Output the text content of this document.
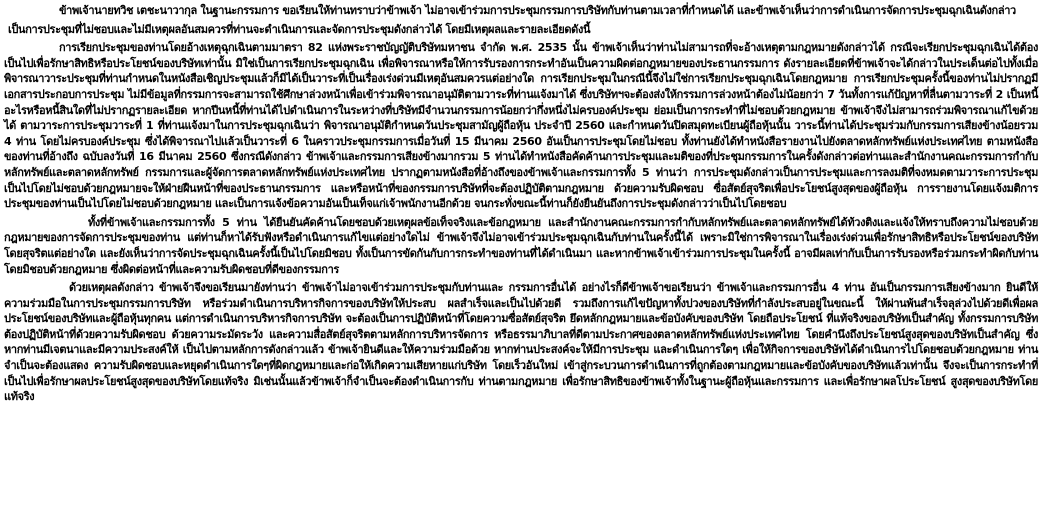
ข้าพเจ้านายทวิช เตชะนาวากุล ในฐานะกรรมการ ขอเรียนให้ท่านทราบว่าข้าพเจ้า ไม่อาจเข้าร่วมการประชุมกรรมการบริษัทกับท่านตามเวลาที่กำหนดได้ และข้าพเจ้าเห็นว่าการดำเนินการจัดการประชุมฉุกเฉินดังกล่าว

เป็นการประชุมที่ไม่ชอบและไม่มีเหตุผลอันสมควรที่ท่านจะดำเนินการและจัดการประชุมดังกล่าวได้ โดยมีเหตุผลและรายละเอียดดังนี้

การเรียกประชุมของท่านโดยอ้างเหตุฉุกเฉินตามมาตรา 82 แห่งพระราชบัญญัติบริษัทมหาชน จำกัด พ.ศ. 2535 นั้น ข้าพเจ้าเห็นว่าท่านไม่สามารถที่จะอ้างเหตุตามกฎหมายดังกล่าวได้ กรณีจะเรียกประชุมฉุกเฉินได้ต้องเป็นไปเพื่อรักษาสิทธิหรือประโยชน์ของบริษัทเท่านั้น มิใช่เป็นการเรียกประชุมฉุกเฉิน เพื่อพิจารณาหรือให้การรับรองการกระทำอันเป็นความผิดต่อกฎหมายของประธานกรรมการ ดังรายละเอียดที่ข้าพเจ้าจะได้กล่าวในประเด็นต่อไปทั้งเมื่อพิจารณาวาระประชุมที่ท่านกำหนดในหนังสือเชิญประชุมแล้วก็มิได้เป็นวาระที่เป็นเรื่องเร่งด่วนมีเหตุอันสมควรแต่อย่างใด การเรียกประชุมในกรณีนี้จึงไม่ใช่การเรียกประชุมฉุกเฉินโดยกฎหมาย การเรียกประชุมครั้งนี้ของท่านไม่ปรากฏมีเอกสารประกอบการประชุม ไม่มีข้อมูลที่กรรมการจะสามารถใช้ศึกษาล่วงหน้าเพื่อเข้าร่วมพิจารณาอนุมัติตามวาระที่ท่านแจ้งมาได้ ซึ่งบริษัทฯจะต้องส่งให้กรรมการล่วงหน้าต้องไม่น้อยกว่า 7 วันทั้งการแก้ปัญหาที่ลื่นตามวาระที่ 2 เป็นหนี้อะไรหรือหนี้สินใดที่ไม่ปรากฏรายละเอียด หากปีนหนี้ที่ท่านได้ไปดำเนินการในระหว่างที่บริษัทมีจำนวนกรรมการน้อยกว่ากึ่งหนึ่งไม่ครบองค์ประชุม ย่อมเป็นการกระทำที่ไม่ชอบด้วยกฎหมาย ข้าพเจ้าจึงไม่สามารถร่วมพิจารณาแก้ไขด้วยได้ ตามวาระการประชุมวาระที่ 1 ที่ท่านแจ้งมาในการประชุมฉุกเฉินว่า พิจารณาอนุมัติกำหนดวันประชุมสามัญผู้ถือหุ้น ประจำปี 2560 และกำหนดวันปิดสมุดทะเบียนผู้ถือหุ้นนั้น วาระนี้ท่านได้ประชุมร่วมกับกรรมการเสียงข้างน้อยรวม 4 ท่าน โดยไม่ครบองค์ประชุม ซึ่งได้พิจารณาไปแล้วเป็นวาระที่ 6 ในคราวประชุมกรรมการเมื่อวันที่ 15 มีนาคม 2560 อันเป็นการประชุมโดยไม่ชอบ ทั้งท่านยังได้ทำหนังสือรายงานไปยังตลาดหลักทรัพย์แห่งประเทศไทย ตามหนังสือของท่านที่อ้างถึง ฉบับลงวันที่ 16 มีนาคม 2560 ซึ่งกรณีดังกล่าว ข้าพเจ้าและกรรมการเสียงข้างมากรวม 5 ท่านได้ทำหนังสือคัดค้านการประชุมและมติของที่ประชุมกรรมการในครั้งดังกล่าวต่อท่านและสำนักงานคณะกรรมการกำกับหลักทรัพย์และตลาดหลักทรัพย์ กรรมการและผู้จัดการตลาดหลักทรัพย์แห่งประเทศไทย ปรากฏตามหนังสือที่อ้างถึงของข้าพเจ้าและกรรมการทั้ง 5 ท่านว่า การประชุมดังกล่าวเป็นการประชุมและการลงมติที่จงหมดตามวาระการประชุม เป็นไปโดยไม่ชอบด้วยกฎหมายจะให้ฝ่ายฝืนหน้าที่ของประธานกรรมการ และหรือหน้าที่ของกรรมการบริษัทที่จะต้องปฏิบัติตามกฎหมาย ด้วยความรับผิดชอบ ซื่อสัตย์สุจริตเพื่อประโยชน์สูงสุดของผู้ถือหุ้น การรายงานโดยแจ้งมติการประชุมของท่านเป็นไปโดยไม่ชอบด้วยกฎหมาย และเป็นการแจ้งข้อความอันเป็นเท็จแก่เจ้าพนักงานอีกด้วย จนกระทั่งขณะนี้ท่านก็ยังยืนยันถึงการประชุมดังกล่าวว่าเป็นไปโดยชอบ

ทั้งที่ข้าพเจ้าและกรรมการทั้ง 5 ท่าน ได้ยืนยันคัดค้านโดยชอบด้วยเหตุผลข้อเท็จจริงและข้อกฎหมาย และสำนักงานคณะกรรมการกำกับหลักทรัพย์และตลาดหลักทรัพย์ได้ท้วงติงและแจ้งให้ทราบถึงความไม่ชอบด้วยกฎหมายของการจัดการประชุมของท่าน แต่ท่านก็หาได้รับฟังหรือดำเนินการแก้ไขแต่อย่างใดไม่ ข้าพเจ้าจึงไม่อาจเข้าร่วมประชุมฉุกเฉินกับท่านในครั้งนี้ได้ เพราะมิใช่การพิจารณาในเรื่องเร่งด่วนเพื่อรักษาสิทธิหรือประโยชน์ของบริษัทโดยสุจริตแต่อย่างใด และยังเห็นว่าการจัดประชุมฉุกเฉินครั้งนี้เป็นไปโดยมิชอบ ทั้งเป็นการขัดกันกับการกระทำของท่านที่ได้ดำเนินมา และหากข้าพเจ้าเข้าร่วมการประชุมในครั้งนี้ อาจมีผลเท่ากับเป็นการรับรองหรือร่วมกระทำผิดกับท่านโดยมิชอบด้วยกฎหมาย ซึ่งผิดต่อหน้าที่และความรับผิดชอบที่ดีของกรรมการ

ด้วยเหตุผลดังกล่าว ข้าพเจ้าจึงขอเรียนมายังท่านว่า ข้าพเจ้าไม่อาจเข้าร่วมการประชุมกับท่านและ กรรมการอื่นได้ อย่างไรก็ดีข้าพเจ้าขอเรียนว่า ข้าพเจ้าและกรรมการอื่น 4 ท่าน อันเป็นกรรมการเสียงข้างมาก ยินดีให้ความร่วมมือในการประชุมกรรมการบริษัท หรือร่วมดำเนินการบริหารกิจการของบริษัทให้ประสบ ผลสำเร็จและเป็นไปด้วยดี รวมถึงการแก้ไขปัญหาทั้งปวงของบริษัทที่กำลังประสบอยู่ในขณะนี้ ให้ผ่านพ้นสำเร็จลุล่วงไปด้วยดีเพื่อผลประโยชน์ของบริษัทและผู้ถือหุ้นทุกคน แต่การดำเนินการบริหารกิจการบริษัท จะต้องเป็นการปฏิบัติหน้าที่โดยความซื่อสัตย์สุจริต ยึดหลักกฎหมายและข้อบังคับของบริษัท โดยถือประโยชน์ ที่แท้จริงของบริษัทเป็นสำคัญ ทั้งกรรมการบริษัทต้องปฏิบัติหน้าที่ด้วยความรับผิดชอบ ด้วยความระมัดระวัง และความสื่อสัตย์สุจริตตามหลักการบริหารจัดการ หรือธรรมาภิบาลที่ดีตามประกาศของตลาดหลักทรัพย์แห่งประเทศไทย โดยคำนึงถึงประโยชน์สูงสุดของบริษัทเป็นสำคัญ ซึ่งหากท่านมีเจตนาและมีความประสงค์ให้ เป็นไปตามหลักการดังกล่าวแล้ว ข้าพเจ้ายินดีและให้ความร่วมมือด้วย หากท่านประสงค์จะให้มีการประชุม และดำเนินการใดๆ เพื่อให้กิจการของบริษัทได้ดำเนินการไปโดยชอบด้วยกฎหมาย ท่านจำเป็นจะต้องแสดง ความรับผิดชอบและหยุดดำเนินการใดๆที่ผิดกฎหมายและก่อให้เกิดความเสียหายแก่บริษัท โดยเร็วอันใหม่ เข้าสู่กระบวนการดำเนินการที่ถูกต้องตามกฎหมายและข้อบังคับของบริษัทแล้วเท่านั้น จึงจะเป็นการกระทำที่ เป็นไปเพื่อรักษาผลประโยชน์สูงสุดของบริษัทโดยแท้จริง มิเช่นนั้นแล้วข้าพเจ้าก็จำเป็นจะต้องดำเนินการกับ ท่านตามกฎหมาย เพื่อรักษาสิทธิของข้าพเจ้าทั้งในฐานะผู้ถือหุ้นและกรรมการ และเพื่อรักษาผลโประโยชน์ สูงสุดของบริษัทโดยแท้จริง
